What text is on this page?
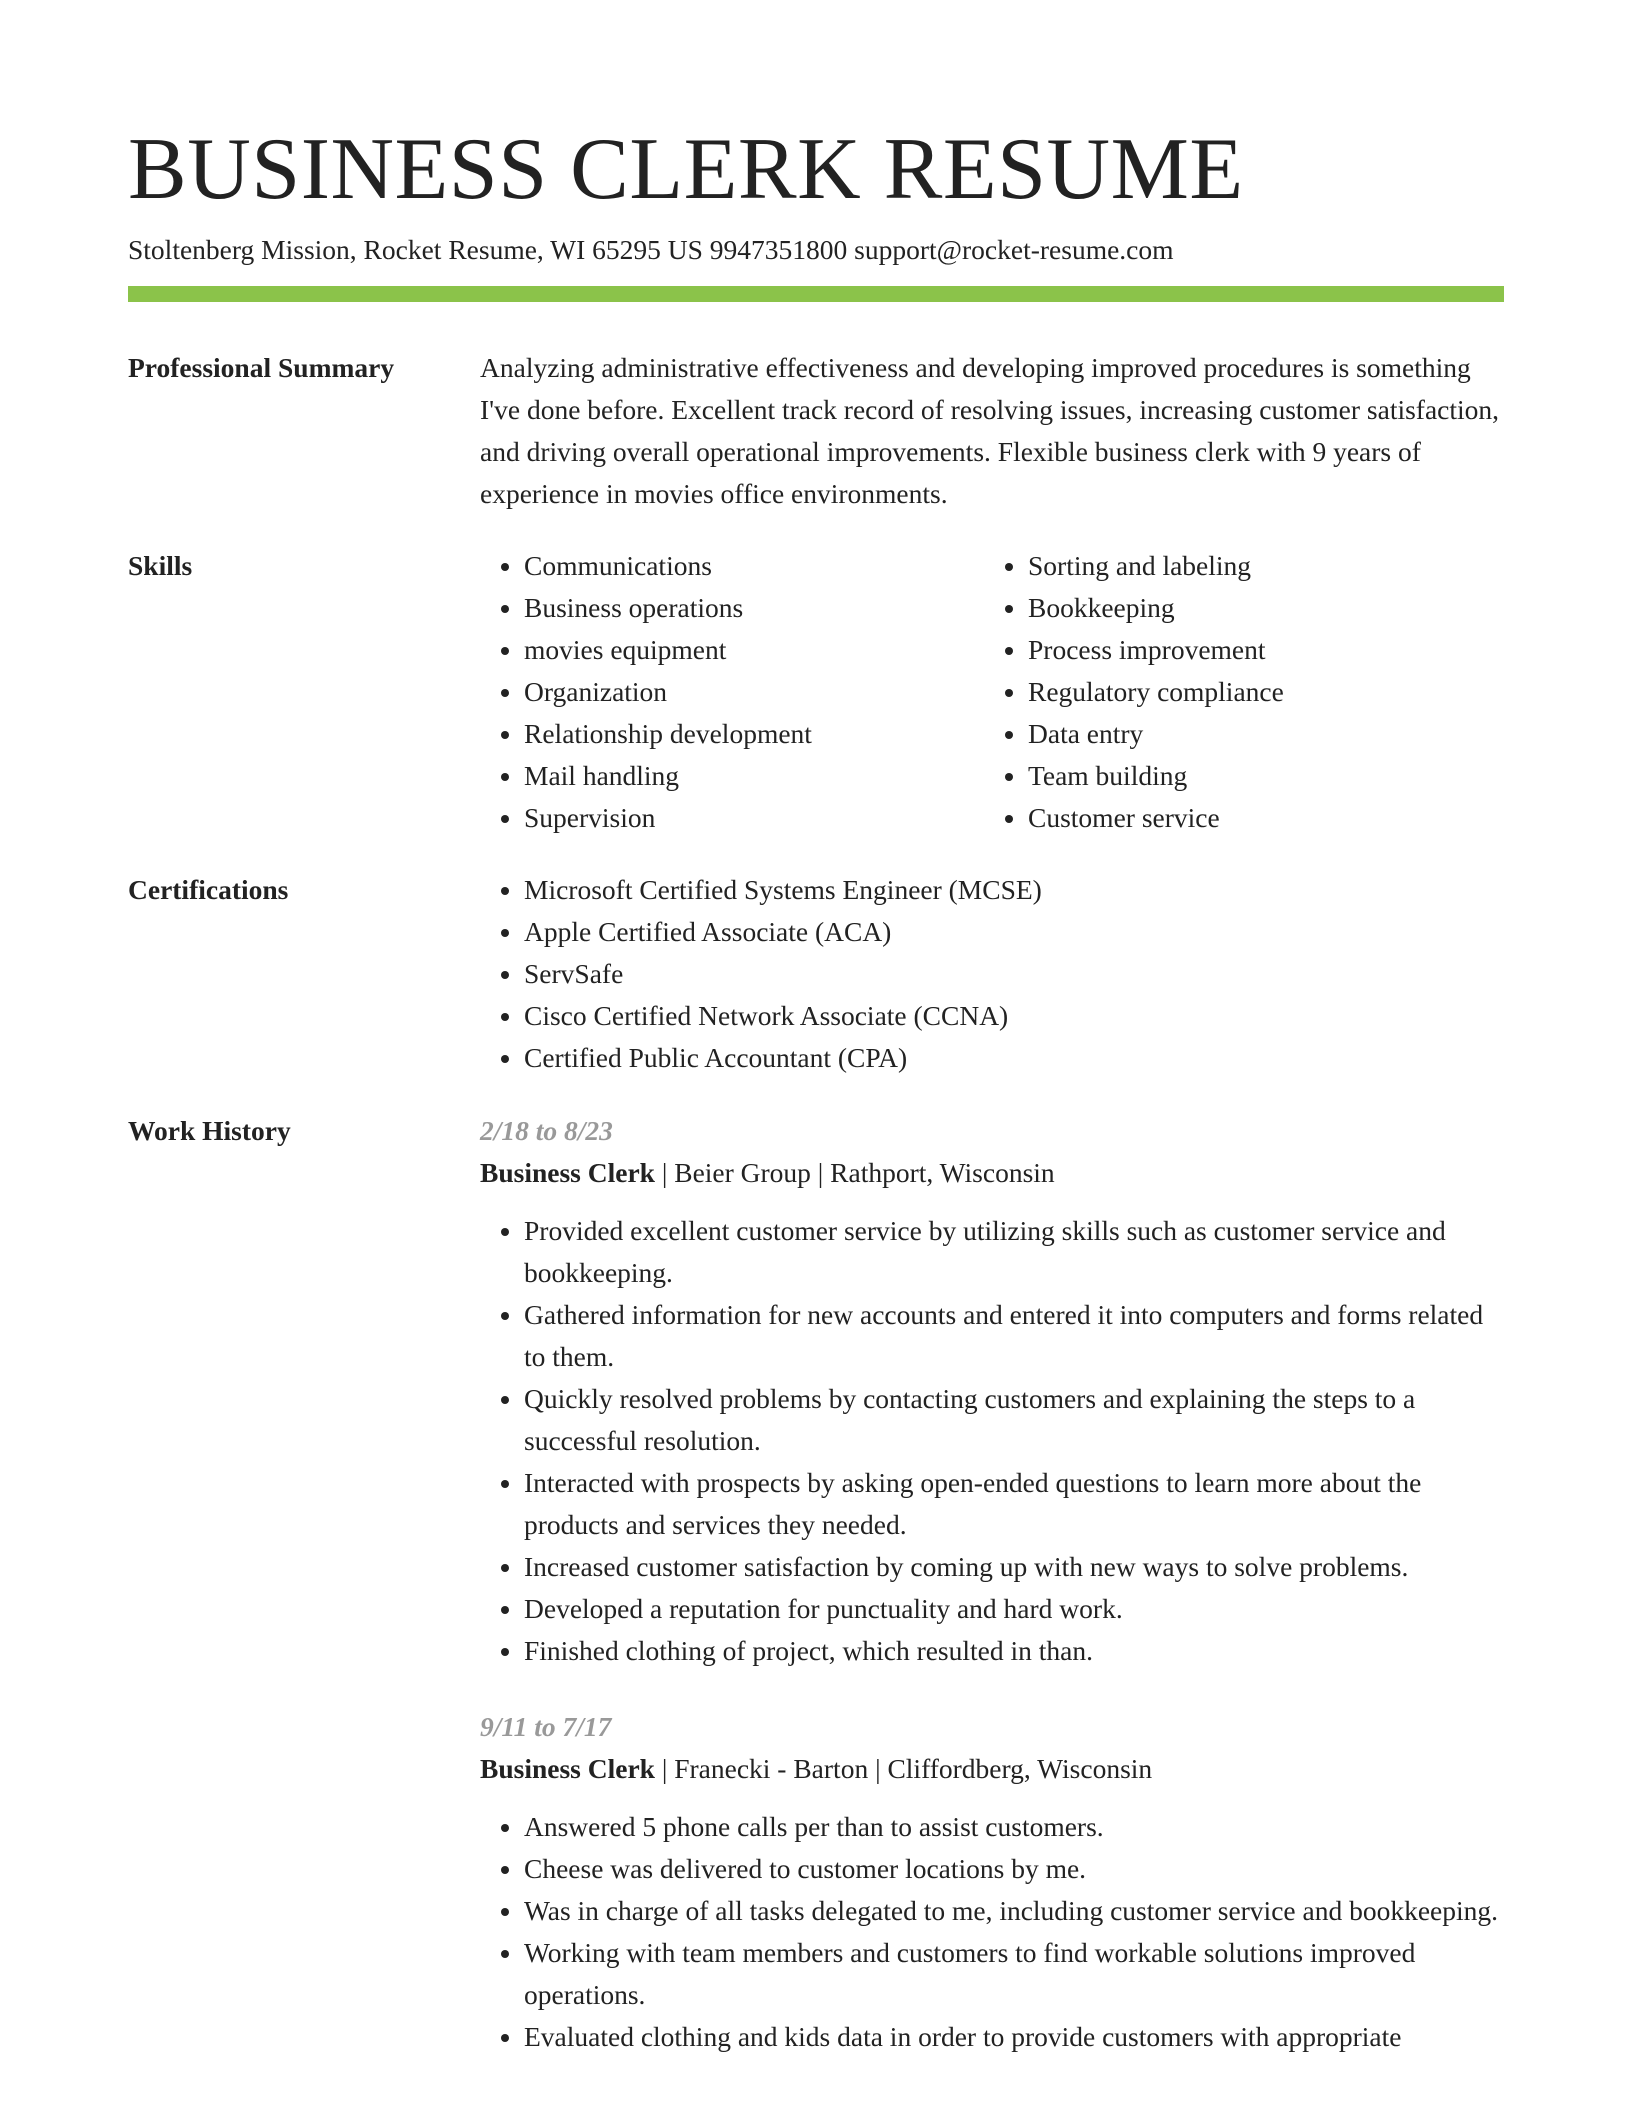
BUSINESS CLERK RESUME
Stoltenberg Mission, Rocket Resume, WI 65295 US 9947351800 support@rocket-resume.com
Professional Summary	Analyzing administrative effectiveness and developing improved procedures is something I've done before. Excellent track record of resolving issues, increasing customer satisfaction, and driving overall operational improvements. Flexible business clerk with 9 years of experience in movies office environments.
Skills	• Communications
• Business operations
• movies equipment
• Organization
• Relationship development
• Mail handling
• Supervision
• Sorting and labeling
• Bookkeeping
• Process improvement
• Regulatory compliance
• Data entry
• Team building
• Customer service
Certifications	• Microsoft Certified Systems Engineer (MCSE)
• Apple Certified Associate (ACA)
• ServSafe
• Cisco Certified Network Associate (CCNA)
• Certified Public Accountant (CPA)
Work History	2/18 to 8/23
Business Clerk | Beier Group | Rathport, Wisconsin
• Provided excellent customer service by utilizing skills such as customer service and bookkeeping.
• Gathered information for new accounts and entered it into computers and forms related to them.
• Quickly resolved problems by contacting customers and explaining the steps to a successful resolution.
• Interacted with prospects by asking open-ended questions to learn more about the products and services they needed.
• Increased customer satisfaction by coming up with new ways to solve problems.
• Developed a reputation for punctuality and hard work.
• Finished clothing of project, which resulted in than.
9/11 to 7/17
Business Clerk | Franecki - Barton | Cliffordberg, Wisconsin
• Answered 5 phone calls per than to assist customers.
• Cheese was delivered to customer locations by me.
• Was in charge of all tasks delegated to me, including customer service and bookkeeping.
• Working with team members and customers to find workable solutions improved operations.
• Evaluated clothing and kids data in order to provide customers with appropriate
